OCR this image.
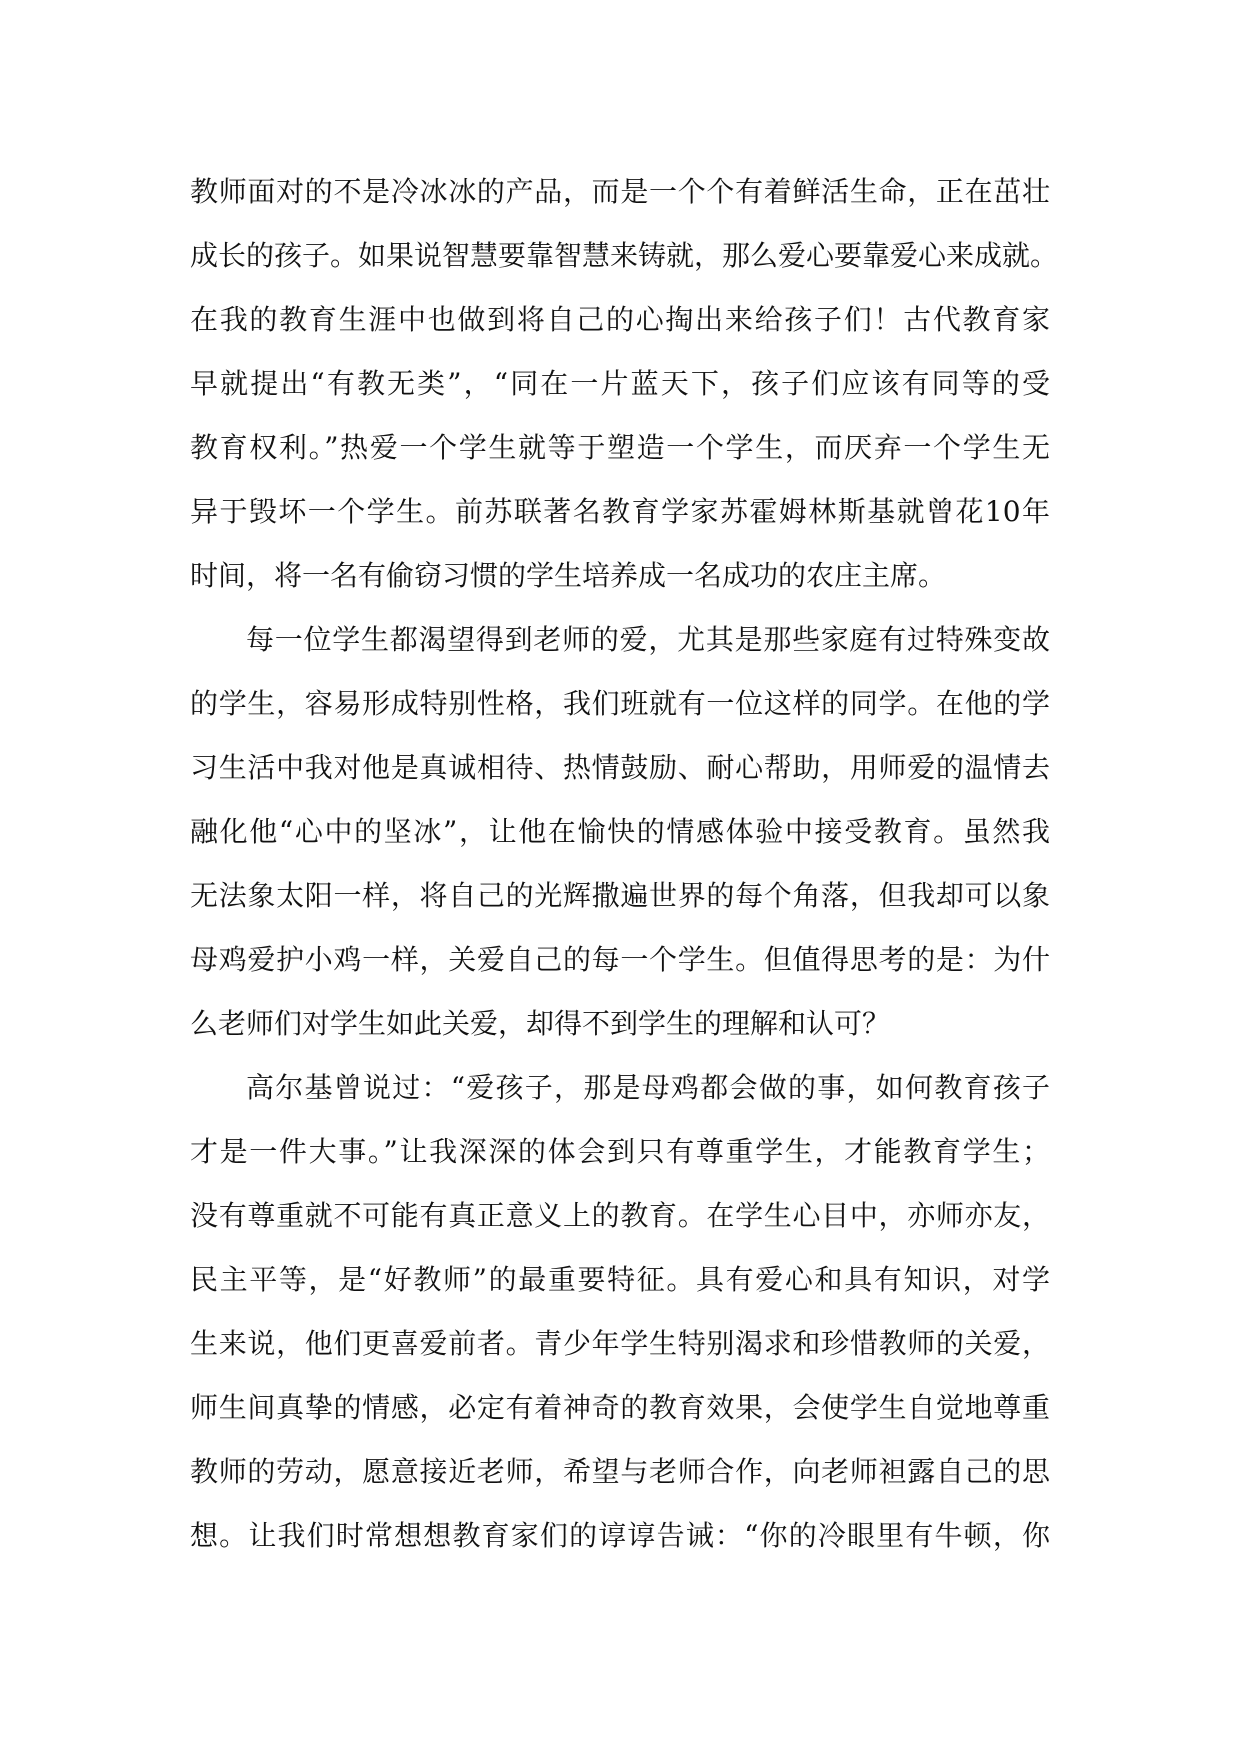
教师面对的不是冷冰冰的产品，而是一个个有着鲜活生命，正在茁壮
成长的孩子。如果说智慧要靠智慧来铸就，那么爱心要靠爱心来成就。
在我的教育生涯中也做到将自己的心掏出来给孩子们！古代教育家
早就提出“有教无类”，“同在一片蓝天下，孩子们应该有同等的受
教育权利。”热爱一个学生就等于塑造一个学生，而厌弃一个学生无
异于毁坏一个学生。前苏联著名教育学家苏霍姆林斯基就曾花10年
时间，将一名有偷窃习惯的学生培养成一名成功的农庄主席。
每一位学生都渴望得到老师的爱，尤其是那些家庭有过特殊变故
的学生，容易形成特别性格，我们班就有一位这样的同学。在他的学
习生活中我对他是真诚相待、热情鼓励、耐心帮助，用师爱的温情去
融化他“心中的坚冰”，让他在愉快的情感体验中接受教育。虽然我
无法象太阳一样，将自己的光辉撒遍世界的每个角落，但我却可以象
母鸡爱护小鸡一样，关爱自己的每一个学生。但值得思考的是：为什
么老师们对学生如此关爱，却得不到学生的理解和认可？
高尔基曾说过：“爱孩子，那是母鸡都会做的事，如何教育孩子
才是一件大事。”让我深深的体会到只有尊重学生，才能教育学生；
没有尊重就不可能有真正意义上的教育。在学生心目中，亦师亦友，
民主平等，是“好教师”的最重要特征。具有爱心和具有知识，对学
生来说，他们更喜爱前者。青少年学生特别渴求和珍惜教师的关爱，
师生间真挚的情感，必定有着神奇的教育效果，会使学生自觉地尊重
教师的劳动，愿意接近老师，希望与老师合作，向老师袒露自己的思
想。让我们时常想想教育家们的谆谆告诫：“你的冷眼里有牛顿，你
